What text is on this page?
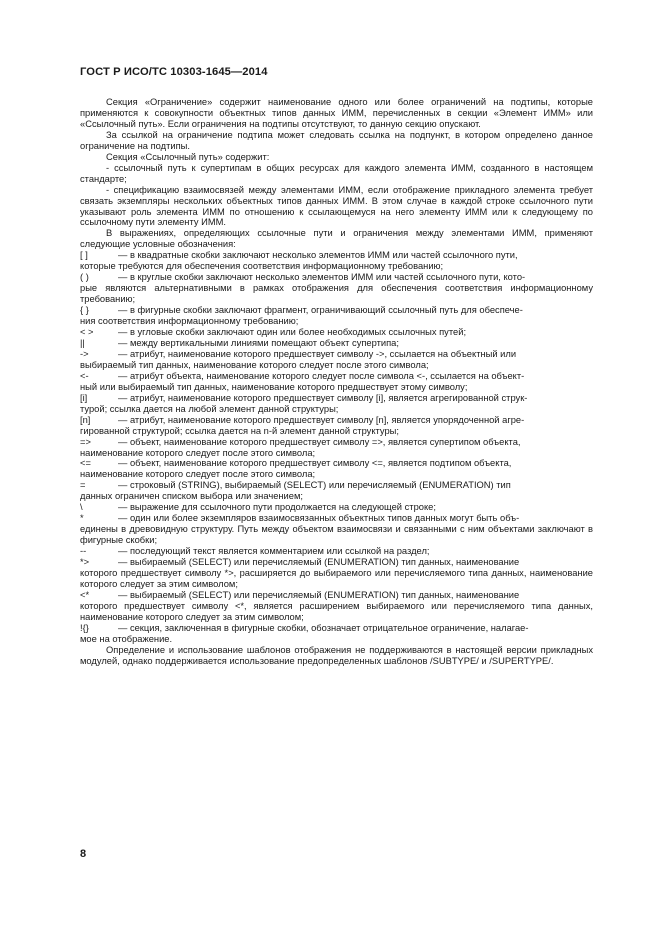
ГОСТ Р ИСО/ТС 10303-1645—2014

Секция «Ограничение» содержит наименование одного или более ограничений на подтипы, которые применяются к совокупности объектных типов данных ИММ, перечисленных в секции «Элемент ИММ» или «Ссылочный путь». Если ограничения на подтипы отсутствуют, то данную секцию опускают.

За ссылкой на ограничение подтипа может следовать ссылка на подпункт, в котором определено данное ограничение на подтипы.

Секция «Ссылочный путь» содержит:

- ссылочный путь к супертипам в общих ресурсах для каждого элемента ИММ, созданного в настоящем стандарте;

- спецификацию взаимосвязей между элементами ИММ, если отображение прикладного элемента требует связать экземпляры нескольких объектных типов данных ИММ. В этом случае в каждой строке ссылочного пути указывают роль элемента ИММ по отношению к ссылающемуся на него элементу ИММ или к следующему по ссылочному пути элементу ИММ.

В выражениях, определяющих ссылочные пути и ограничения между элементами ИММ, применяют следующие условные обозначения:

[ ]	— в квадратные скобки заключают несколько элементов ИММ или частей ссылочного пути,

которые требуются для обеспечения соответствия информационному требованию;

( )	— в круглые скобки заключают несколько элементов ИММ или частей ссылочного пути, кото-

рые являются альтернативными в рамках отображения для обеспечения соответствия информационному требованию;

{ }	— в фигурные скобки заключают фрагмент, ограничивающий ссылочный путь для обеспече-

ния соответствия информационному требованию;

< >	— в угловые скобки заключают один или более необходимых ссылочных путей;
||	— между вертикальными линиями помещают объект супертипа;
->	— атрибут, наименование которого предшествует символу ->, ссылается на объектный или

выбираемый тип данных, наименование которого следует после этого символа;

<-	— атрибут объекта, наименование которого следует после символа <-, ссылается на объект-

ный или выбираемый тип данных, наименование которого предшествует этому символу;

[i]	— атрибут, наименование которого предшествует символу [i], является агрегированной струк-

турой; ссылка дается на любой элемент данной структуры;

[n]	— атрибут, наименование которого предшествует символу [n], является упорядоченной агре-

гированной структурой; ссылка дается на n-й элемент данной структуры;

=>	— объект, наименование которого предшествует символу =>, является супертипом объекта,

наименование которого следует после этого символа;

<=	— объект, наименование которого предшествует символу <=, является подтипом объекта,

наименование которого следует после этого символа;

=	— строковый (STRING), выбираемый (SELECT) или перечисляемый (ENUMERATION) тип

данных ограничен списком выбора или значением;

\	— выражение для ссылочного пути продолжается на следующей строке;
*	— один или более экземпляров взаимосвязанных объектных типов данных могут быть объ-

единены в древовидную структуру. Путь между объектом взаимосвязи и связанными с ним объектами заключают в фигурные скобки;

--	— последующий текст является комментарием или ссылкой на раздел;
*>	— выбираемый (SELECT) или перечисляемый (ENUMERATION) тип данных, наименование

которого предшествует символу *>, расширяется до выбираемого или перечисляемого типа данных, наименование которого следует за этим символом;

<*	— выбираемый (SELECT) или перечисляемый (ENUMERATION) тип данных, наименование

которого предшествует символу <*, является расширением выбираемого или перечисляемого типа данных, наименование которого следует за этим символом;

!{}	— секция, заключенная в фигурные скобки, обозначает отрицательное ограничение, налагае-

мое на отображение.

Определение и использование шаблонов отображения не поддерживаются в настоящей версии прикладных модулей, однако поддерживается использование предопределенных шаблонов /SUBTYPE/ и /SUPERTYPE/.

8
